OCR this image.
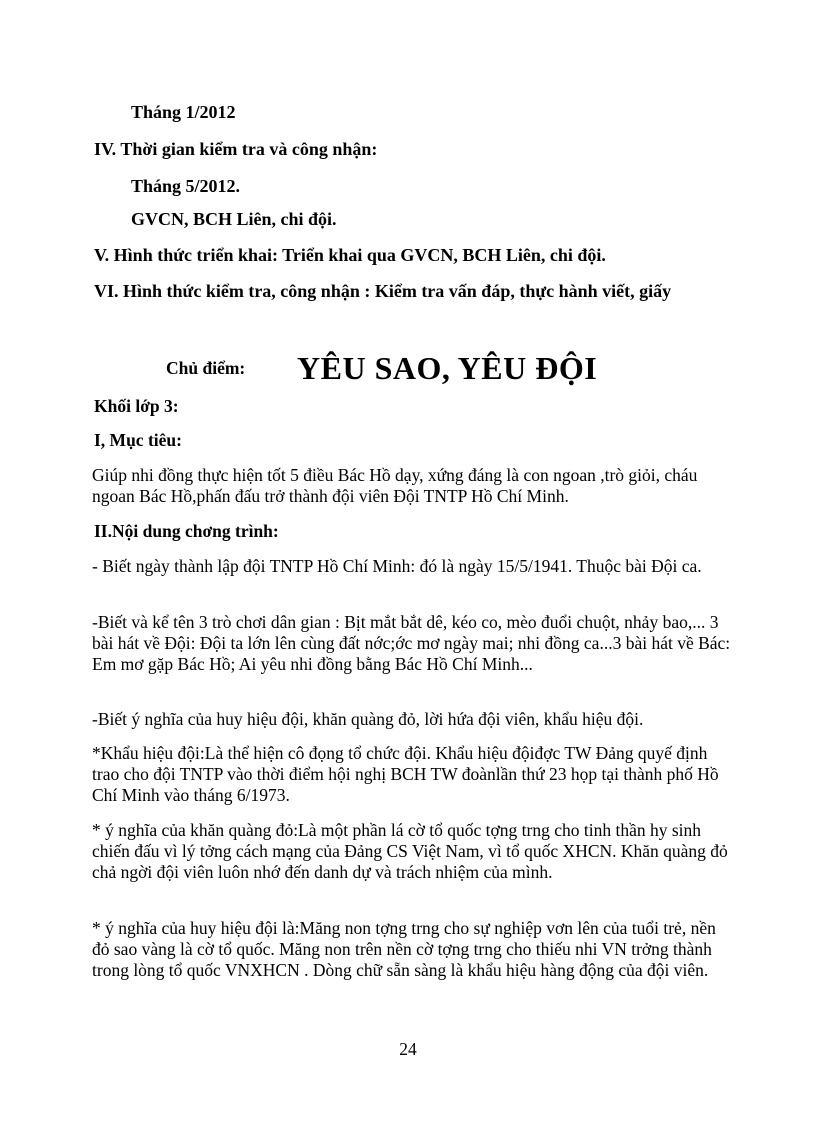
Tháng 1/2012
IV. Thời gian kiểm tra và công nhận:
Tháng 5/2012.
GVCN, BCH Liên, chi đội.
V. Hình thức triển khai: Triển khai qua GVCN, BCH Liên, chi đội.
VI. Hình thức kiểm tra, công nhận : Kiểm tra vấn đáp, thực hành viết, giấy
Chủ điểm: YÊU SAO, YÊU ĐỘI
Khối lớp 3:
I, Mục tiêu:
Giúp nhi đồng thực hiện tốt 5 điều Bác Hồ dạy, xứng đáng là con ngoan ,trò giỏi, cháu ngoan Bác Hồ,phấn đấu trở thành đội viên Đội TNTP Hồ Chí Minh.
II.Nội dung chơng trình:
- Biết ngày thành lập đội TNTP Hồ Chí Minh: đó là ngày 15/5/1941. Thuộc bài Đội ca.
-Biết và kể tên 3 trò chơi dân gian : Bịt mắt bắt dê, kéo co, mèo đuổi chuột, nhảy bao,... 3 bài hát về Đội: Đội ta lớn lên cùng đất nớc;ớc mơ ngày mai; nhi đồng ca...3 bài hát về Bác: Em mơ gặp Bác Hồ; Ai yêu nhi đồng bằng Bác Hồ Chí Minh...
-Biết ý nghĩa của huy hiệu đội, khăn quàng đỏ, lời hứa đội viên, khẩu hiệu đội.
*Khẩu hiệu đội:Là thể hiện cô đọng tổ chức đội. Khẩu hiệu độiđợc TW Đảng quyế định trao cho đội TNTP vào thời điểm hội nghị BCH TW đoànlần thứ 23 họp tại thành phố Hồ Chí Minh vào tháng 6/1973.
* ý nghĩa của khăn quàng đỏ:Là một phần lá cờ tổ quốc tợng trng cho tinh thần hy sinh chiến đấu vì lý tởng cách mạng của Đảng CS Việt Nam, vì tổ quốc XHCN. Khăn quàng đỏ chả ngời đội viên luôn nhớ đến danh dự và trách nhiệm của mình.
* ý nghĩa của huy hiệu đội là:Măng non tợng trng cho sự nghiệp vơn lên của tuổi trẻ, nền đỏ sao vàng là cờ tổ quốc. Măng non trên nền cờ tợng trng cho thiếu nhi VN trởng thành trong lòng tổ quốc VNXHCN . Dòng chữ sẵn sàng là khẩu hiệu hàng động của đội viên.
24
